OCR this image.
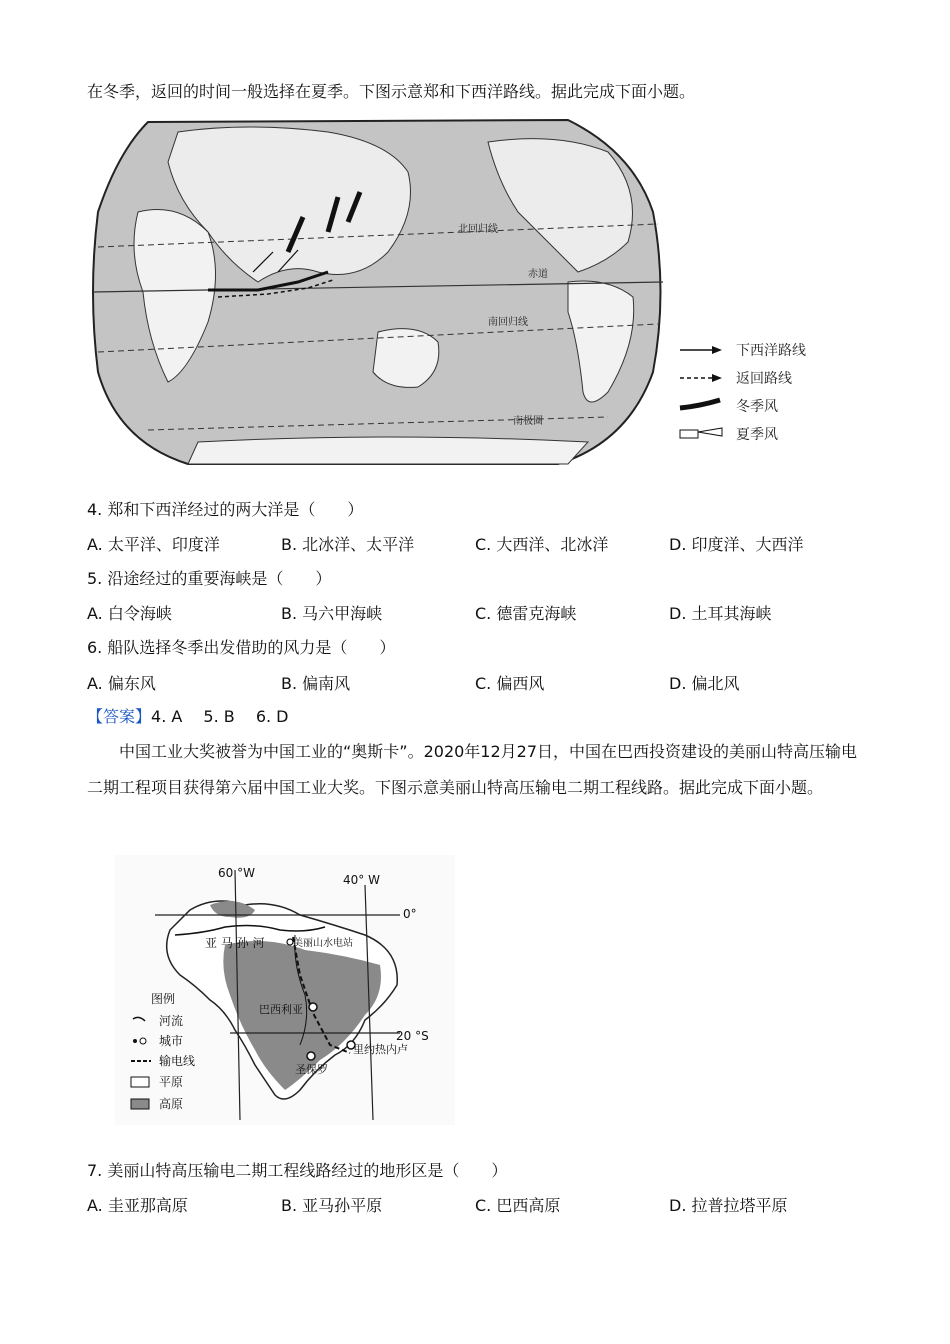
在冬季，返回的时间一般选择在夏季。下图示意郑和下西洋路线。据此完成下面小题。
北回归线
赤道
南回归线
南极圈
下西洋路线
返回路线
冬季风
夏季风
4. 郑和下西洋经过的两大洋是（　　）
A. 太平洋、印度洋	B. 北冰洋、太平洋	C. 大西洋、北冰洋	D. 印度洋、大西洋
5. 沿途经过的重要海峡是（　　）
A. 白令海峡	B. 马六甲海峡	C. 德雷克海峡	D. 土耳其海峡
6. 船队选择冬季出发借助的风力是（　　）
A. 偏东风	B. 偏南风	C. 偏西风	D. 偏北风
【答案】4. A　 5. B　 6. D
中国工业大奖被誉为中国工业的“奥斯卡”。2020年12月27日，中国在巴西投资建设的美丽山特高压输电二期工程项目获得第六届中国工业大奖。下图示意美丽山特高压输电二期工程线路。据此完成下面小题。
60 °W	40° W
0°
20 °S
亚 马 孙 河	美丽山水电站
巴西利亚
里约热内卢
圣保罗
图例
河流
城市
输电线
平原
高原
7. 美丽山特高压输电二期工程线路经过的地形区是（　　）
A. 圭亚那高原	B. 亚马孙平原	C. 巴西高原	D. 拉普拉塔平原
